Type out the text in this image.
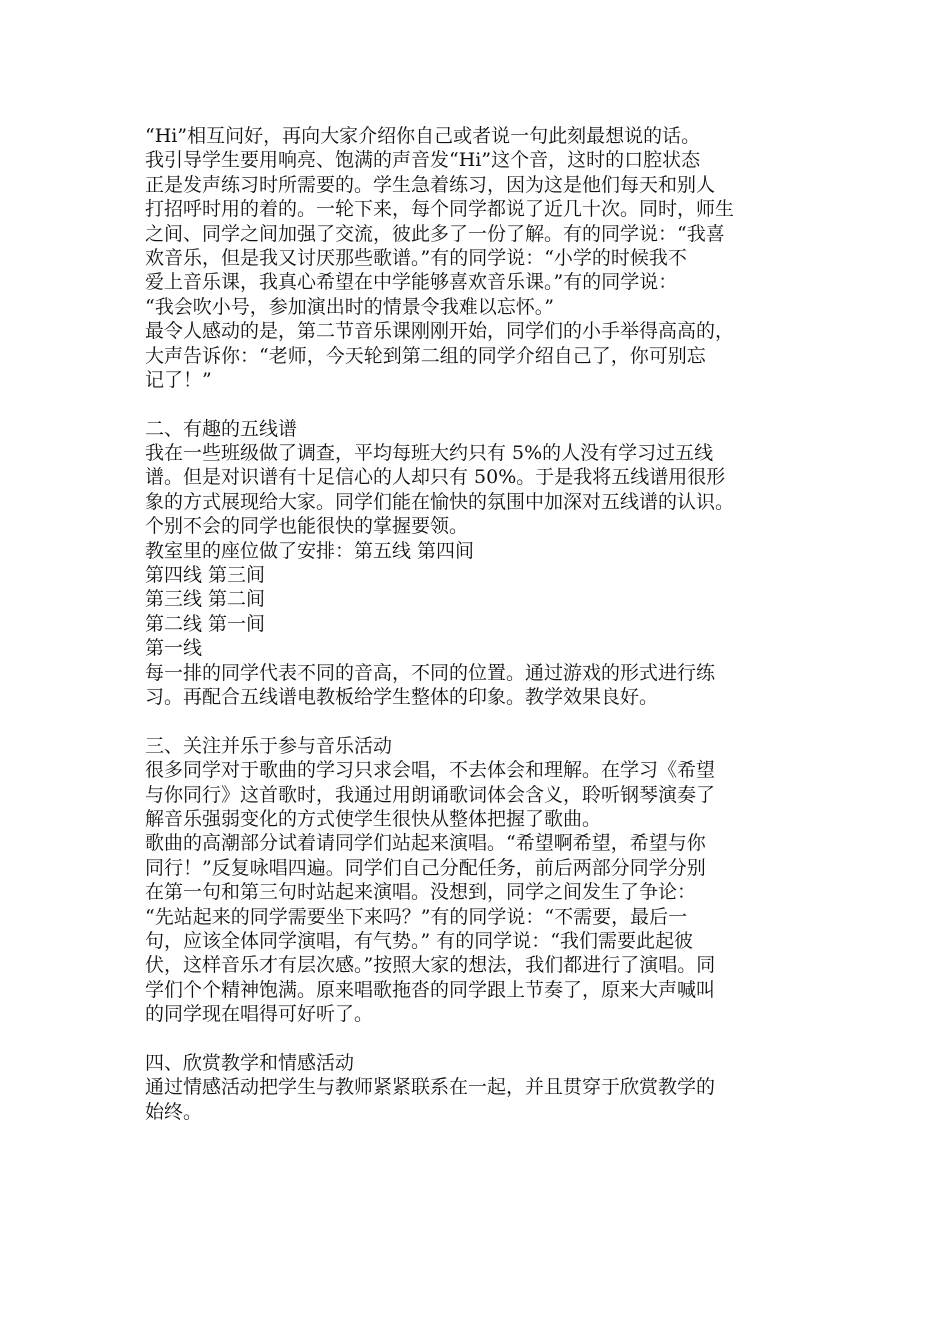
“Hi”相互问好，再向大家介绍你自己或者说一句此刻最想说的话。
我引导学生要用响亮、饱满的声音发“Hi”这个音，这时的口腔状态
正是发声练习时所需要的。学生急着练习，因为这是他们每天和别人
打招呼时用的着的。一轮下来，每个同学都说了近几十次。同时，师生
之间、同学之间加强了交流，彼此多了一份了解。有的同学说：“我喜
欢音乐，但是我又讨厌那些歌谱。”有的同学说：“小学的时候我不
爱上音乐课，我真心希望在中学能够喜欢音乐课。”有的同学说：
“我会吹小号，参加演出时的情景令我难以忘怀。”
最令人感动的是，第二节音乐课刚刚开始，同学们的小手举得高高的，
大声告诉你：“老师，今天轮到第二组的同学介绍自己了，你可别忘
记了！”
二、有趣的五线谱
我在一些班级做了调查，平均每班大约只有 5%的人没有学习过五线
谱。但是对识谱有十足信心的人却只有 50%。于是我将五线谱用很形
象的方式展现给大家。同学们能在愉快的氛围中加深对五线谱的认识。
个别不会的同学也能很快的掌握要领。
教室里的座位做了安排：第五线 第四间
第四线 第三间
第三线 第二间
第二线 第一间
第一线
每一排的同学代表不同的音高，不同的位置。通过游戏的形式进行练
习。再配合五线谱电教板给学生整体的印象。教学效果良好。
三、关注并乐于参与音乐活动
很多同学对于歌曲的学习只求会唱，不去体会和理解。在学习《希望
与你同行》这首歌时，我通过用朗诵歌词体会含义，聆听钢琴演奏了
解音乐强弱变化的方式使学生很快从整体把握了歌曲。
歌曲的高潮部分试着请同学们站起来演唱。“希望啊希望，希望与你
同行！”反复咏唱四遍。同学们自己分配任务，前后两部分同学分别
在第一句和第三句时站起来演唱。没想到，同学之间发生了争论：
“先站起来的同学需要坐下来吗？”有的同学说：“不需要，最后一
句，应该全体同学演唱，有气势。” 有的同学说：“我们需要此起彼
伏，这样音乐才有层次感。”按照大家的想法，我们都进行了演唱。同
学们个个精神饱满。原来唱歌拖沓的同学跟上节奏了，原来大声喊叫
的同学现在唱得可好听了。
四、欣赏教学和情感活动
通过情感活动把学生与教师紧紧联系在一起，并且贯穿于欣赏教学的
始终。
